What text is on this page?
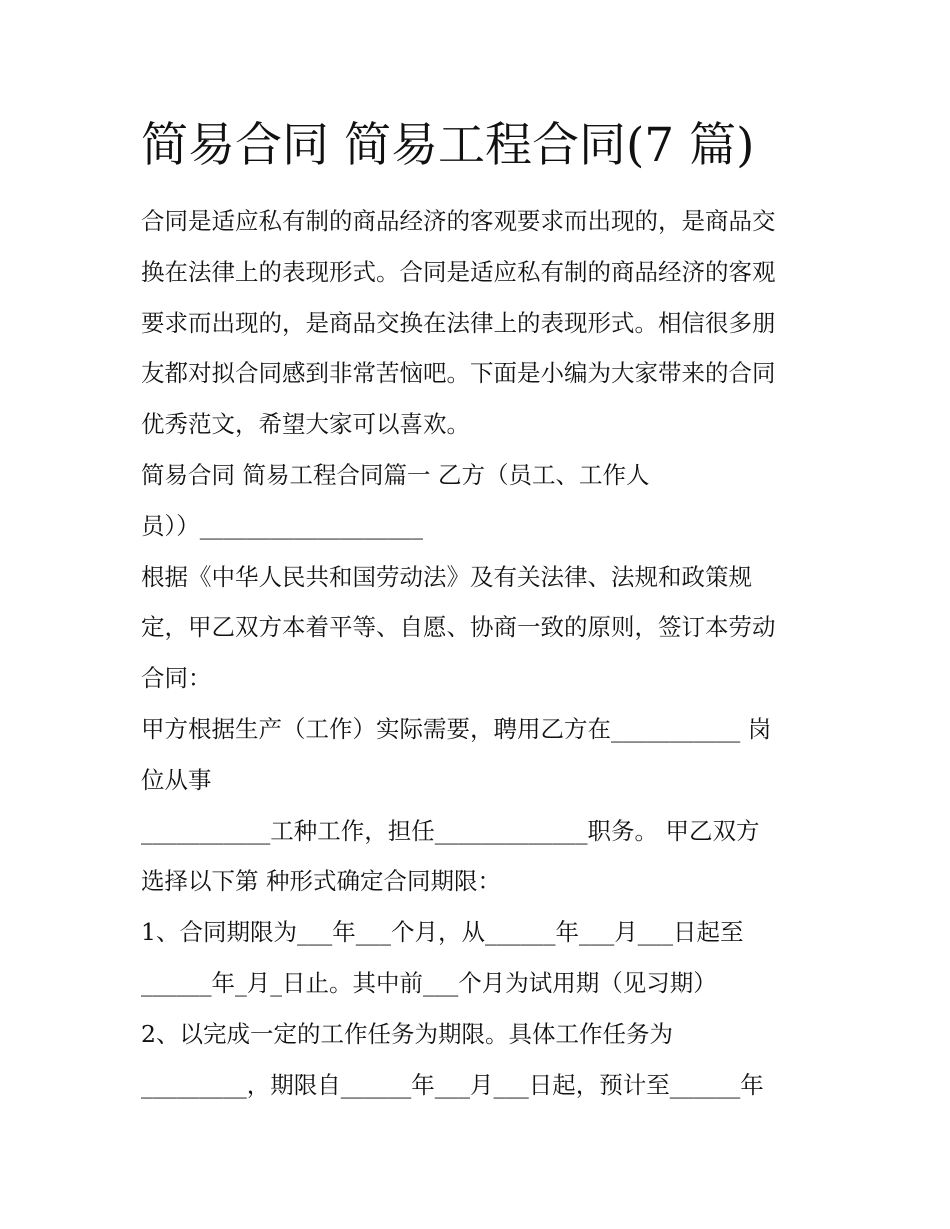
简易合同 简易工程合同(7 篇)

合同是适应私有制的商品经济的客观要求而出现的，是商品交

换在法律上的表现形式。合同是适应私有制的商品经济的客观

要求而出现的，是商品交换在法律上的表现形式。相信很多朋

友都对拟合同感到非常苦恼吧。下面是小编为大家带来的合同

优秀范文，希望大家可以喜欢。

简易合同 简易工程合同篇一 乙方（员工、工作人

员））___________________

根据《中华人民共和国劳动法》及有关法律、法规和政策规

定，甲乙双方本着平等、自愿、协商一致的原则，签订本劳动

合同：

甲方根据生产（工作）实际需要，聘用乙方在___________ 岗

位从事

___________工种工作，担任_____________职务。 甲乙双方

选择以下第 种形式确定合同期限：

1、合同期限为___年___个月，从______年___月___日起至

______年_月_日止。其中前___个月为试用期（见习期）

2、以完成一定的工作任务为期限。具体工作任务为

_________，期限自______年___月___日起，预计至______年
